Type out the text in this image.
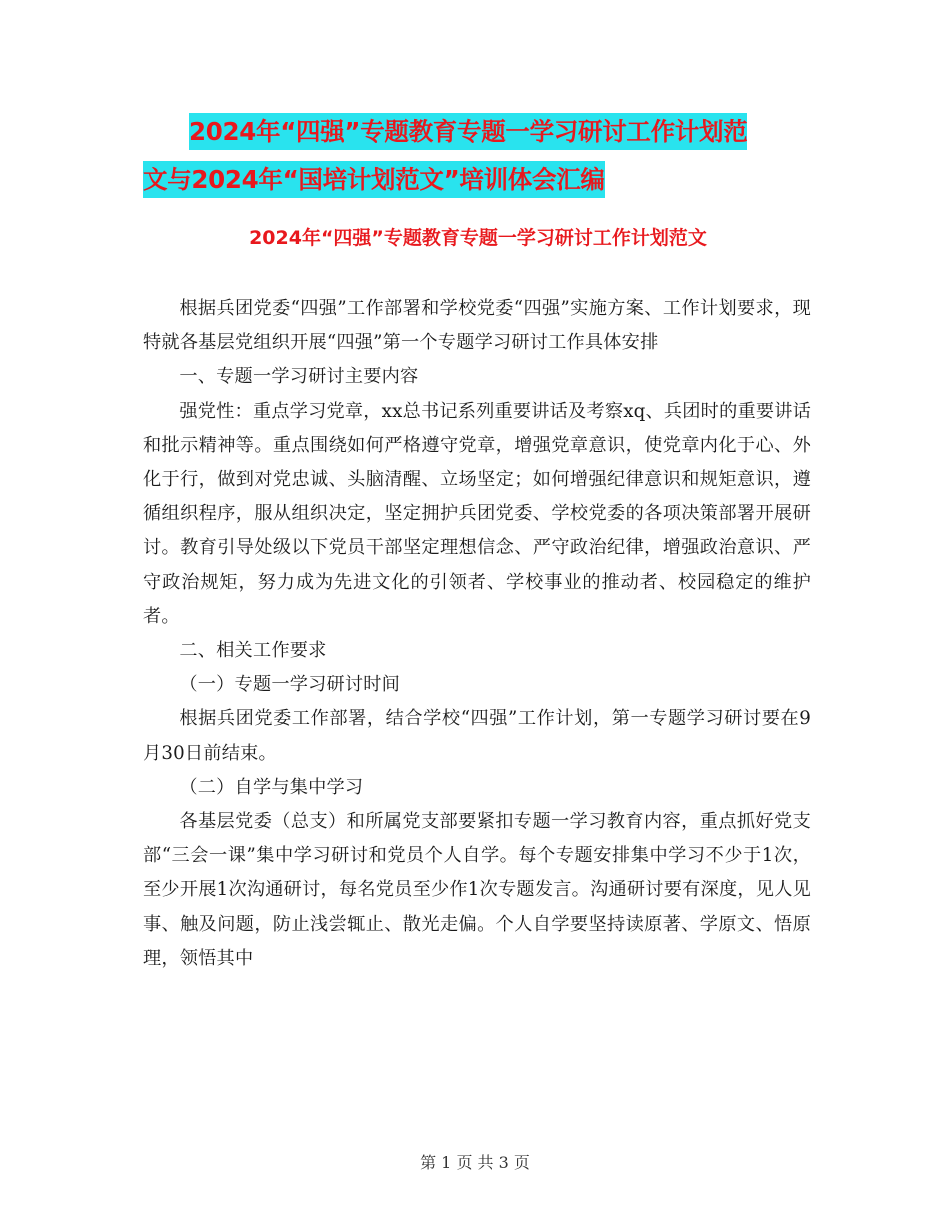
2024年“四强”专题教育专题一学习研讨工作计划范
文与2024年“国培计划范文”培训体会汇编
2024年“四强”专题教育专题一学习研讨工作计划范文

根据兵团党委“四强”工作部署和学校党委“四强”实施方案、工作计划要求，现特就各基层党组织开展“四强”第一个专题学习研讨工作具体安排

一、专题一学习研讨主要内容

强党性：重点学习党章，xx总书记系列重要讲话及考察xq、兵团时的重要讲话和批示精神等。重点围绕如何严格遵守党章，增强党章意识，使党章内化于心、外化于行，做到对党忠诚、头脑清醒、立场坚定；如何增强纪律意识和规矩意识，遵循组织程序，服从组织决定，坚定拥护兵团党委、学校党委的各项决策部署开展研讨。教育引导处级以下党员干部坚定理想信念、严守政治纪律，增强政治意识、严守政治规矩，努力成为先进文化的引领者、学校事业的推动者、校园稳定的维护者。

二、相关工作要求

（一）专题一学习研讨时间

根据兵团党委工作部署，结合学校“四强”工作计划，第一专题学习研讨要在9月30日前结束。

（二）自学与集中学习

各基层党委（总支）和所属党支部要紧扣专题一学习教育内容，重点抓好党支部“三会一课”集中学习研讨和党员个人自学。每个专题安排集中学习不少于1次，至少开展1次沟通研讨，每名党员至少作1次专题发言。沟通研讨要有深度，见人见事、触及问题，防止浅尝辄止、散光走偏。个人自学要坚持读原著、学原文、悟原理，领悟其中

第 1 页 共 3 页
